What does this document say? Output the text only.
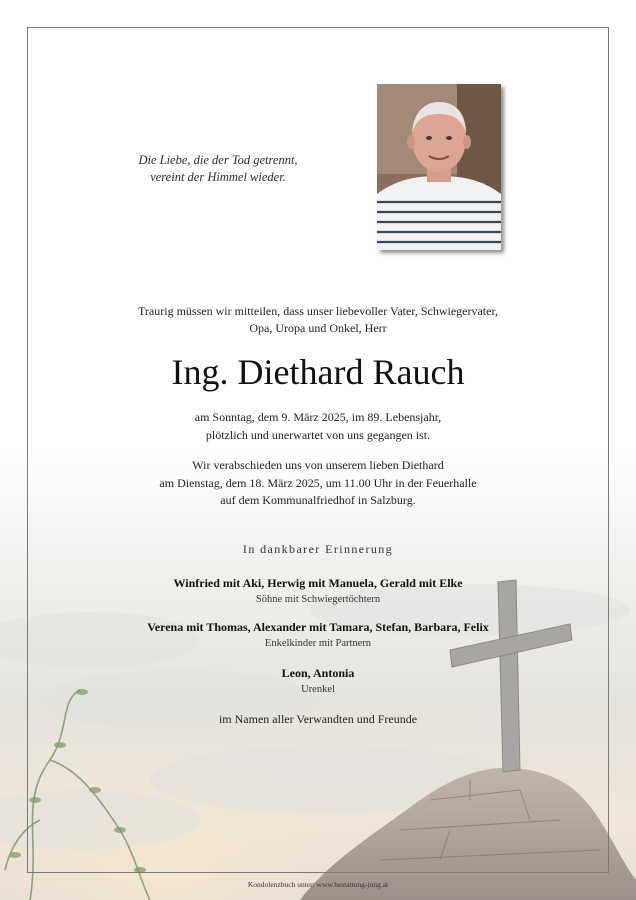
Die Liebe, die der Tod getrennt,
vereint der Himmel wieder.
Traurig müssen wir mitteilen, dass unser liebevoller Vater, Schwiegervater,
Opa, Uropa und Onkel, Herr
Ing. Diethard Rauch
am Sonntag, dem 9. März 2025, im 89. Lebensjahr,
plötzlich und unerwartet von uns gegangen ist.
Wir verabschieden uns von unserem lieben Diethard
am Dienstag, dem 18. März 2025, um 11.00 Uhr in der Feuerhalle
auf dem Kommunalfriedhof in Salzburg.
In dankbarer Erinnerung
Winfried mit Aki, Herwig mit Manuela, Gerald mit Elke
Söhne mit Schwiegertöchtern
Verena mit Thomas, Alexander mit Tamara, Stefan, Barbara, Felix
Enkelkinder mit Partnern
Leon, Antonia
Urenkel
im Namen aller Verwandten und Freunde
Kondolenzbuch unter: www.bestattung-jung.at
